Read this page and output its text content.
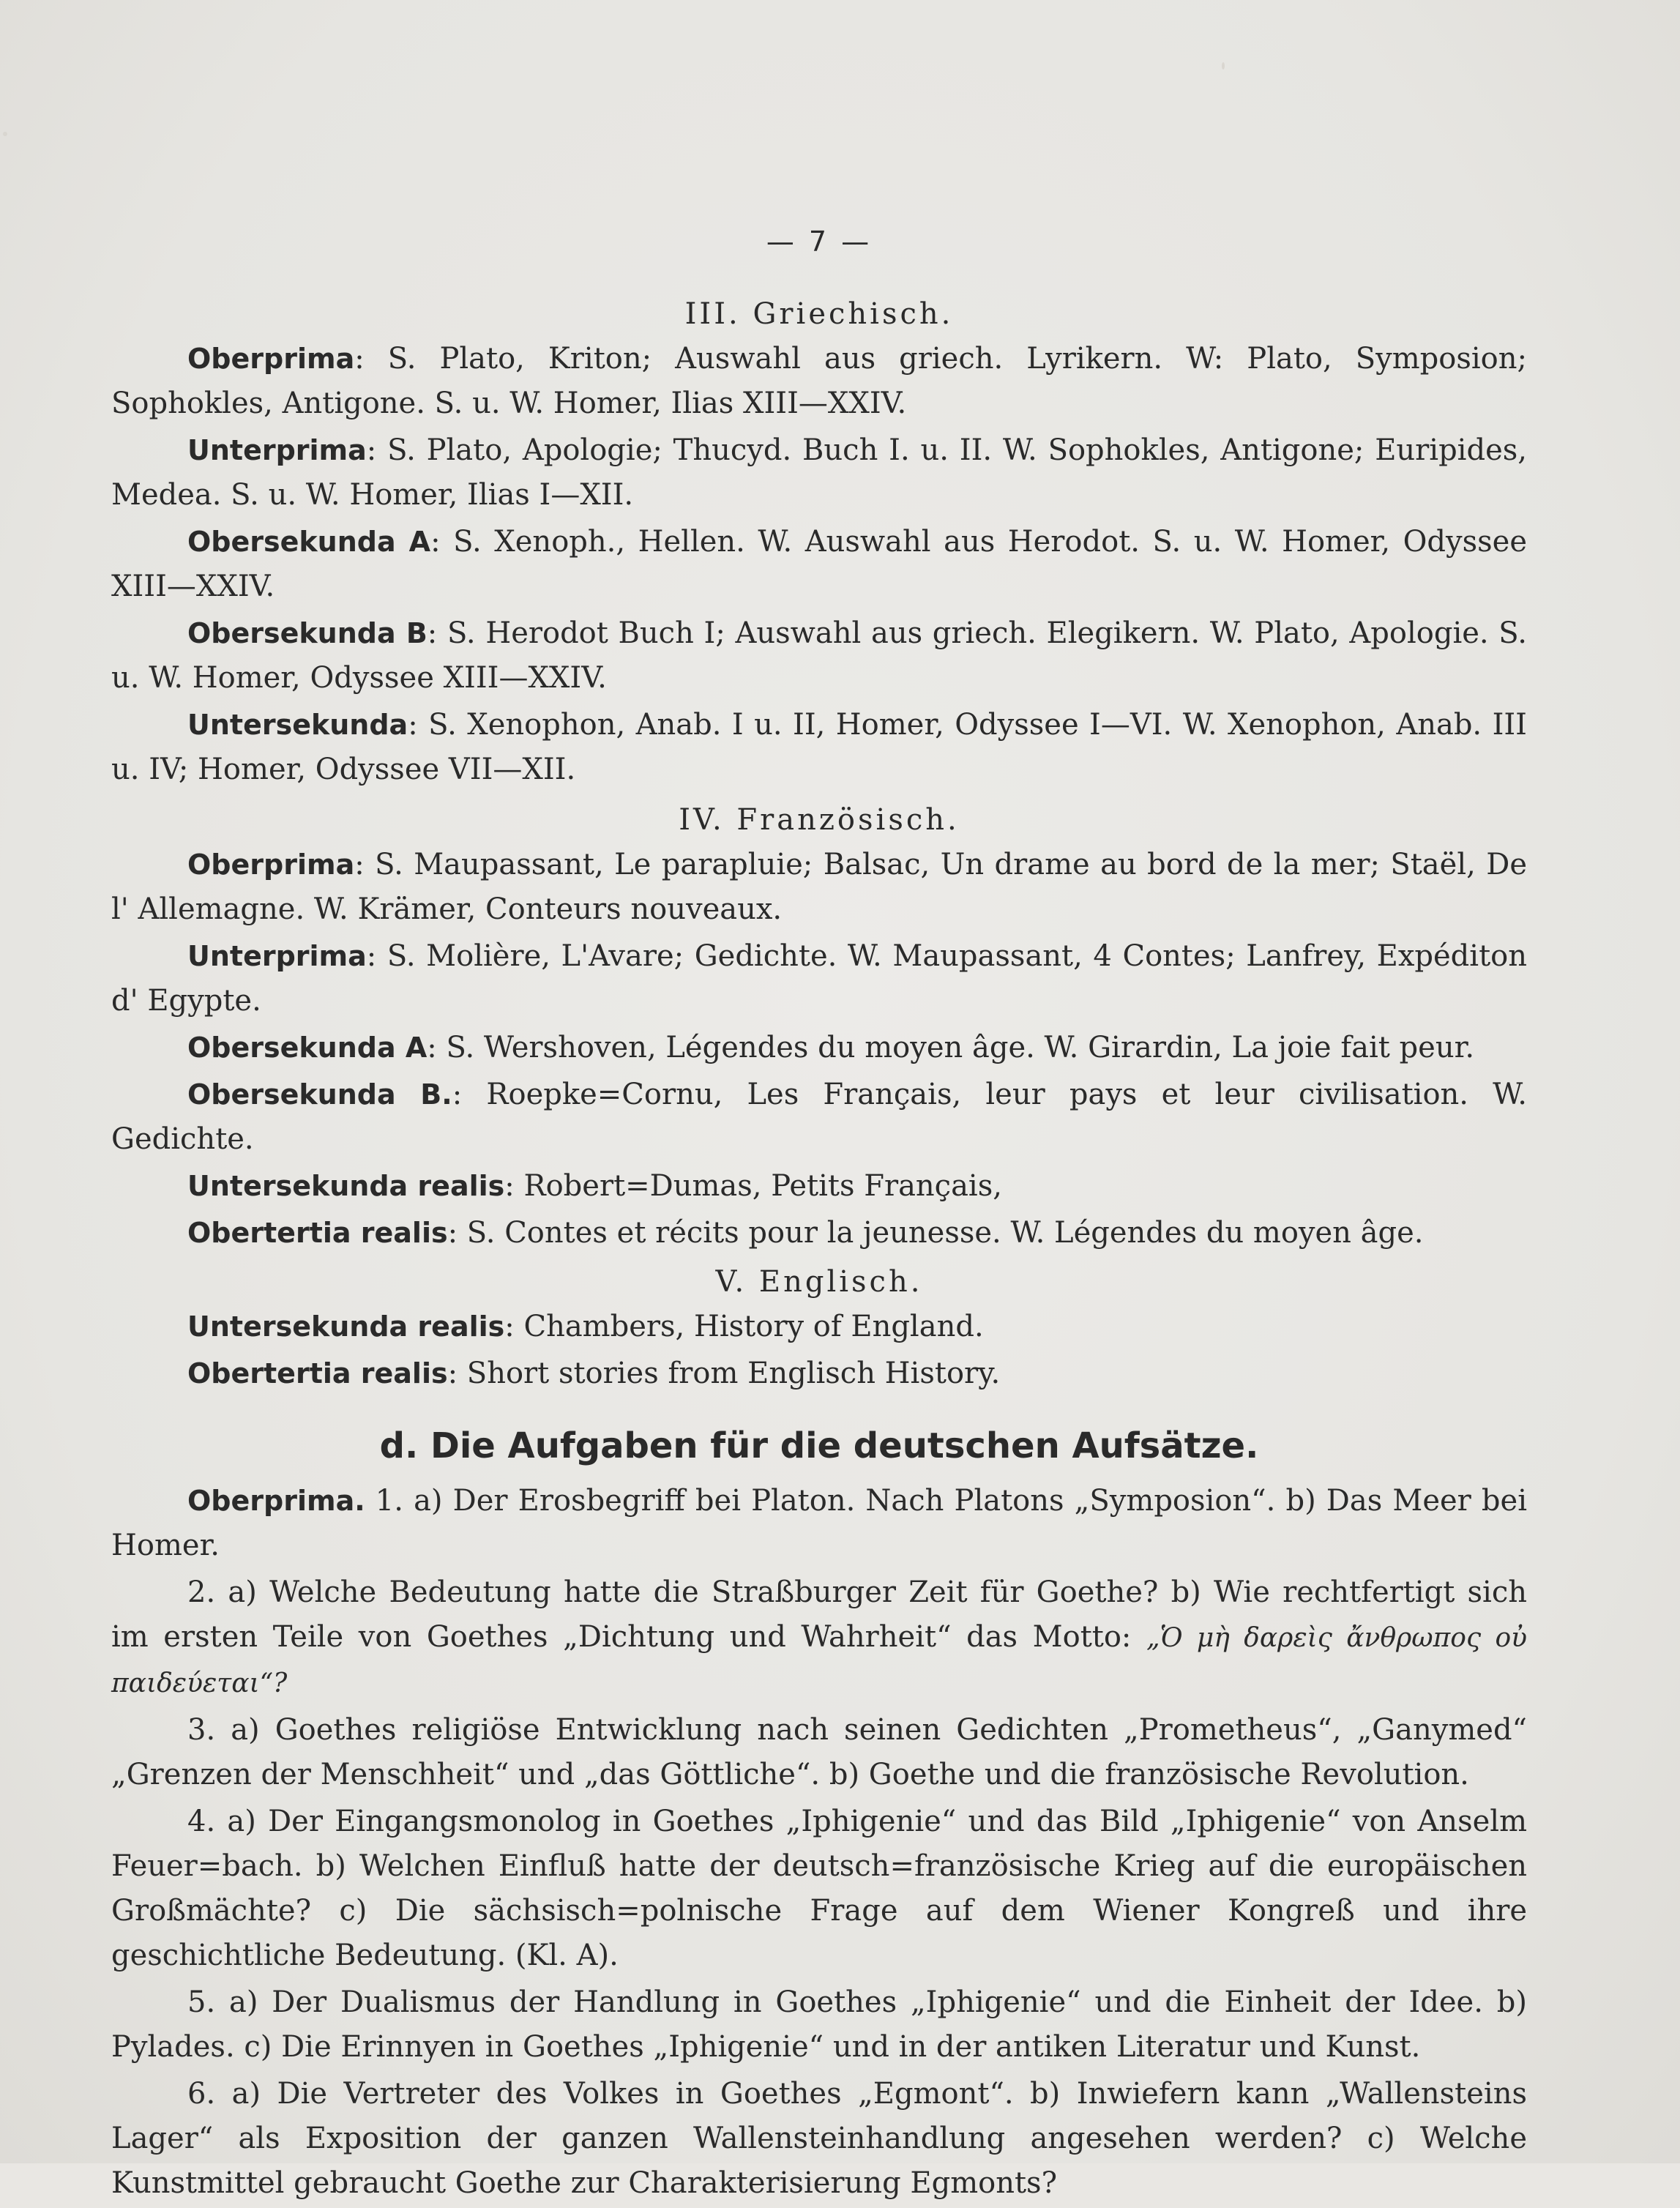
— 7 —
III. Griechisch.

Oberprima: S. Plato, Kriton; Auswahl aus griech. Lyrikern. W: Plato, Symposion; Sophokles, Antigone. S. u. W. Homer, Ilias XIII—XXIV.

Unterprima: S. Plato, Apologie; Thucyd. Buch I. u. II. W. Sophokles, Antigone; Euripides, Medea. S. u. W. Homer, Ilias I—XII.

Obersekunda A: S. Xenoph., Hellen. W. Auswahl aus Herodot. S. u. W. Homer, Odyssee XIII—XXIV.

Obersekunda B: S. Herodot Buch I; Auswahl aus griech. Elegikern. W. Plato, Apologie. S. u. W. Homer, Odyssee XIII—XXIV.

Untersekunda: S. Xenophon, Anab. I u. II, Homer, Odyssee I—VI. W. Xenophon, Anab. III u. IV; Homer, Odyssee VII—XII.

IV. Französisch.

Oberprima: S. Maupassant, Le parapluie; Balsac, Un drame au bord de la mer; Staël, De l' Allemagne. W. Krämer, Conteurs nouveaux.

Unterprima: S. Molière, L'Avare; Gedichte. W. Maupassant, 4 Contes; Lanfrey, Expéditon d' Egypte.

Obersekunda A: S. Wershoven, Légendes du moyen âge. W. Girardin, La joie fait peur.

Obersekunda B.: Roepke=Cornu, Les Français, leur pays et leur civilisation. W. Gedichte.

Untersekunda realis: Robert=Dumas, Petits Français,

Obertertia realis: S. Contes et récits pour la jeunesse. W. Légendes du moyen âge.

V. Englisch.

Untersekunda realis: Chambers, History of England.

Obertertia realis: Short stories from Englisch History.

d. Die Aufgaben für die deutschen Aufsätze.

Oberprima. 1. a) Der Erosbegriff bei Platon. Nach Platons „Symposion“. b) Das Meer bei Homer.

2. a) Welche Bedeutung hatte die Straßburger Zeit für Goethe? b) Wie rechtfertigt sich im ersten Teile von Goethes „Dichtung und Wahrheit“ das Motto: „Ὁ μὴ δαρεὶς ἄνθρωπος οὐ παιδεύεται“?

3. a) Goethes religiöse Entwicklung nach seinen Gedichten „Prometheus“, „Ganymed“ „Grenzen der Menschheit“ und „das Göttliche“. b) Goethe und die französische Revolution.

4. a) Der Eingangsmonolog in Goethes „Iphigenie“ und das Bild „Iphigenie“ von Anselm Feuer=bach. b) Welchen Einfluß hatte der deutsch=französische Krieg auf die europäischen Großmächte? c) Die sächsisch=polnische Frage auf dem Wiener Kongreß und ihre geschichtliche Bedeutung. (Kl. A).

5. a) Der Dualismus der Handlung in Goethes „Iphigenie“ und die Einheit der Idee. b) Pylades. c) Die Erinnyen in Goethes „Iphigenie“ und in der antiken Literatur und Kunst.

6. a) Die Vertreter des Volkes in Goethes „Egmont“. b) Inwiefern kann „Wallensteins Lager“ als Exposition der ganzen Wallensteinhandlung angesehen werden? c) Welche Kunstmittel gebraucht Goethe zur Charakterisierung Egmonts?
